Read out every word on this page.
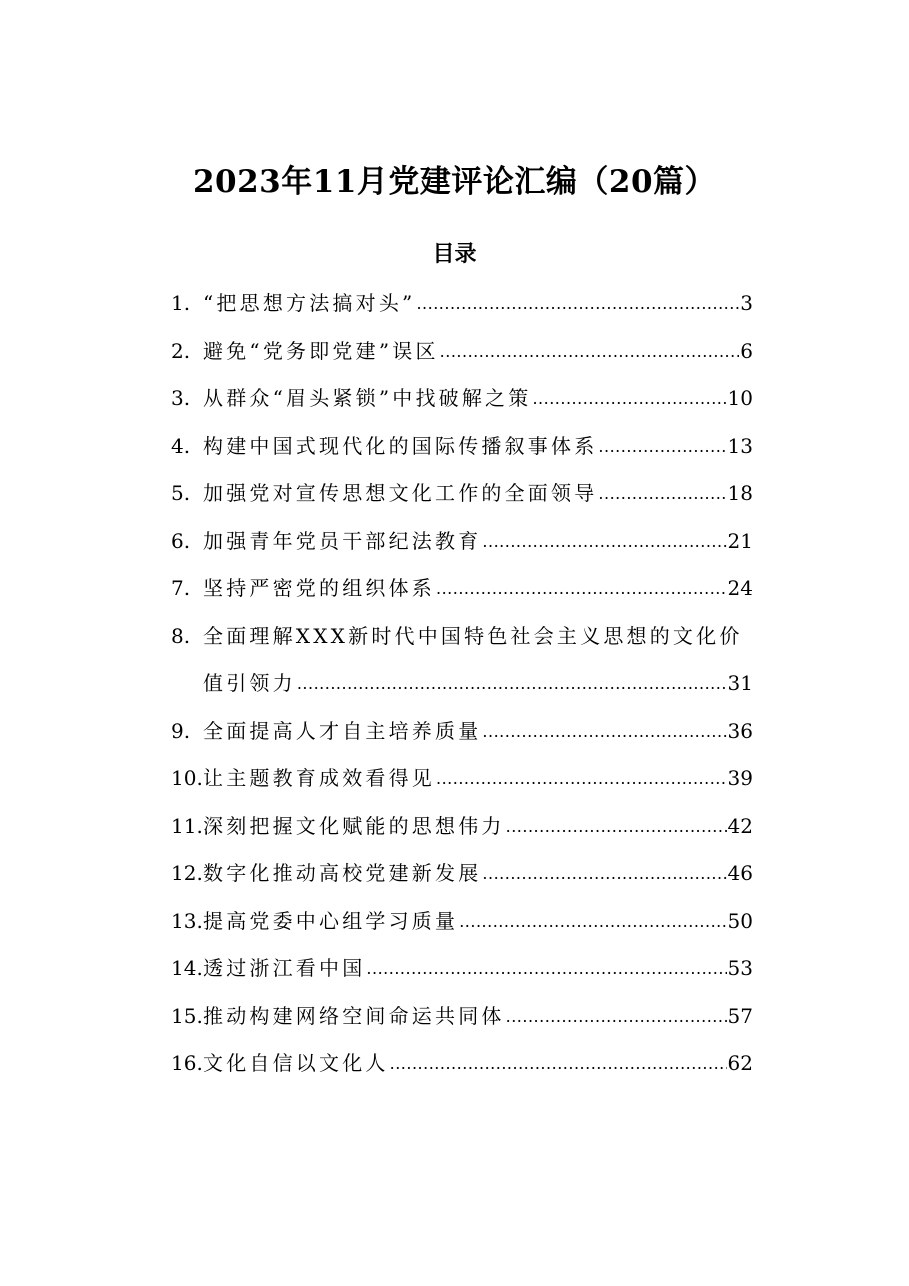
2023年11月党建评论汇编（20篇）
目录
1. “把思想方法搞对头” .....	3
2. 避免“党务即党建”误区 .....	6
3. 从群众“眉头紧锁”中找破解之策 .....	10
4. 构建中国式现代化的国际传播叙事体系 .....	13
5. 加强党对宣传思想文化工作的全面领导 .....	18
6. 加强青年党员干部纪法教育 .....	21
7. 坚持严密党的组织体系 .....	24
8. 全面理解XXX新时代中国特色社会主义思想的文化价
值引领力 .....	31
9. 全面提高人才自主培养质量 .....	36
10. 让主题教育成效看得见 .....	39
11. 深刻把握文化赋能的思想伟力 .....	42
12. 数字化推动高校党建新发展 .....	46
13. 提高党委中心组学习质量 .....	50
14. 透过浙江看中国 .....	53
15. 推动构建网络空间命运共同体 .....	57
16. 文化自信以文化人 .....	62
